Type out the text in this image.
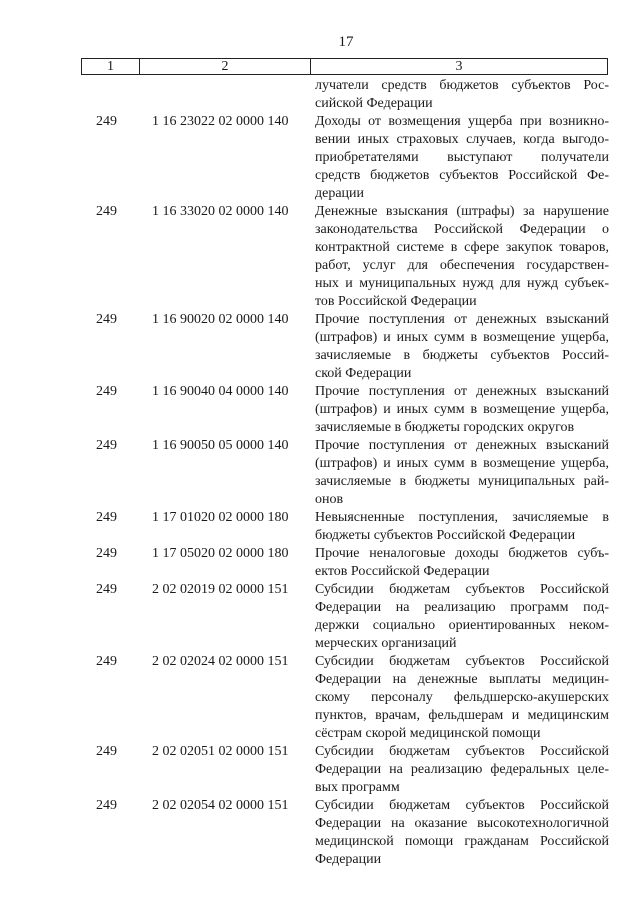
17
1	2	3
лучатели средств бюджетов субъектов Рос-
сийской Федерации
249	1 16 23022 02 0000 140	Доходы от возмещения ущерба при возникно-
вении иных страховых случаев, когда выгодо-
приобретателями выступают получатели
средств бюджетов субъектов Российской Фе-
дерации
249	1 16 33020 02 0000 140	Денежные взыскания (штрафы) за нарушение
законодательства Российской Федерации о
контрактной системе в сфере закупок товаров,
работ, услуг для обеспечения государствен-
ных и муниципальных нужд для нужд субъек-
тов Российской Федерации
249	1 16 90020 02 0000 140	Прочие поступления от денежных взысканий
(штрафов) и иных сумм в возмещение ущерба,
зачисляемые в бюджеты субъектов Россий-
ской Федерации
249	1 16 90040 04 0000 140	Прочие поступления от денежных взысканий
(штрафов) и иных сумм в возмещение ущерба,
зачисляемые в бюджеты городских округов
249	1 16 90050 05 0000 140	Прочие поступления от денежных взысканий
(штрафов) и иных сумм в возмещение ущерба,
зачисляемые в бюджеты муниципальных рай-
онов
249	1 17 01020 02 0000 180	Невыясненные поступления, зачисляемые в
бюджеты субъектов Российской Федерации
249	1 17 05020 02 0000 180	Прочие неналоговые доходы бюджетов субъ-
ектов Российской Федерации
249	2 02 02019 02 0000 151	Субсидии бюджетам субъектов Российской
Федерации на реализацию программ под-
держки социально ориентированных неком-
мерческих организаций
249	2 02 02024 02 0000 151	Субсидии бюджетам субъектов Российской
Федерации на денежные выплаты медицин-
скому персоналу фельдшерско-акушерских
пунктов, врачам, фельдшерам и медицинским
сёстрам скорой медицинской помощи
249	2 02 02051 02 0000 151	Субсидии бюджетам субъектов Российской
Федерации на реализацию федеральных целе-
вых программ
249	2 02 02054 02 0000 151	Субсидии бюджетам субъектов Российской
Федерации на оказание высокотехнологичной
медицинской помощи гражданам Российской
Федерации
